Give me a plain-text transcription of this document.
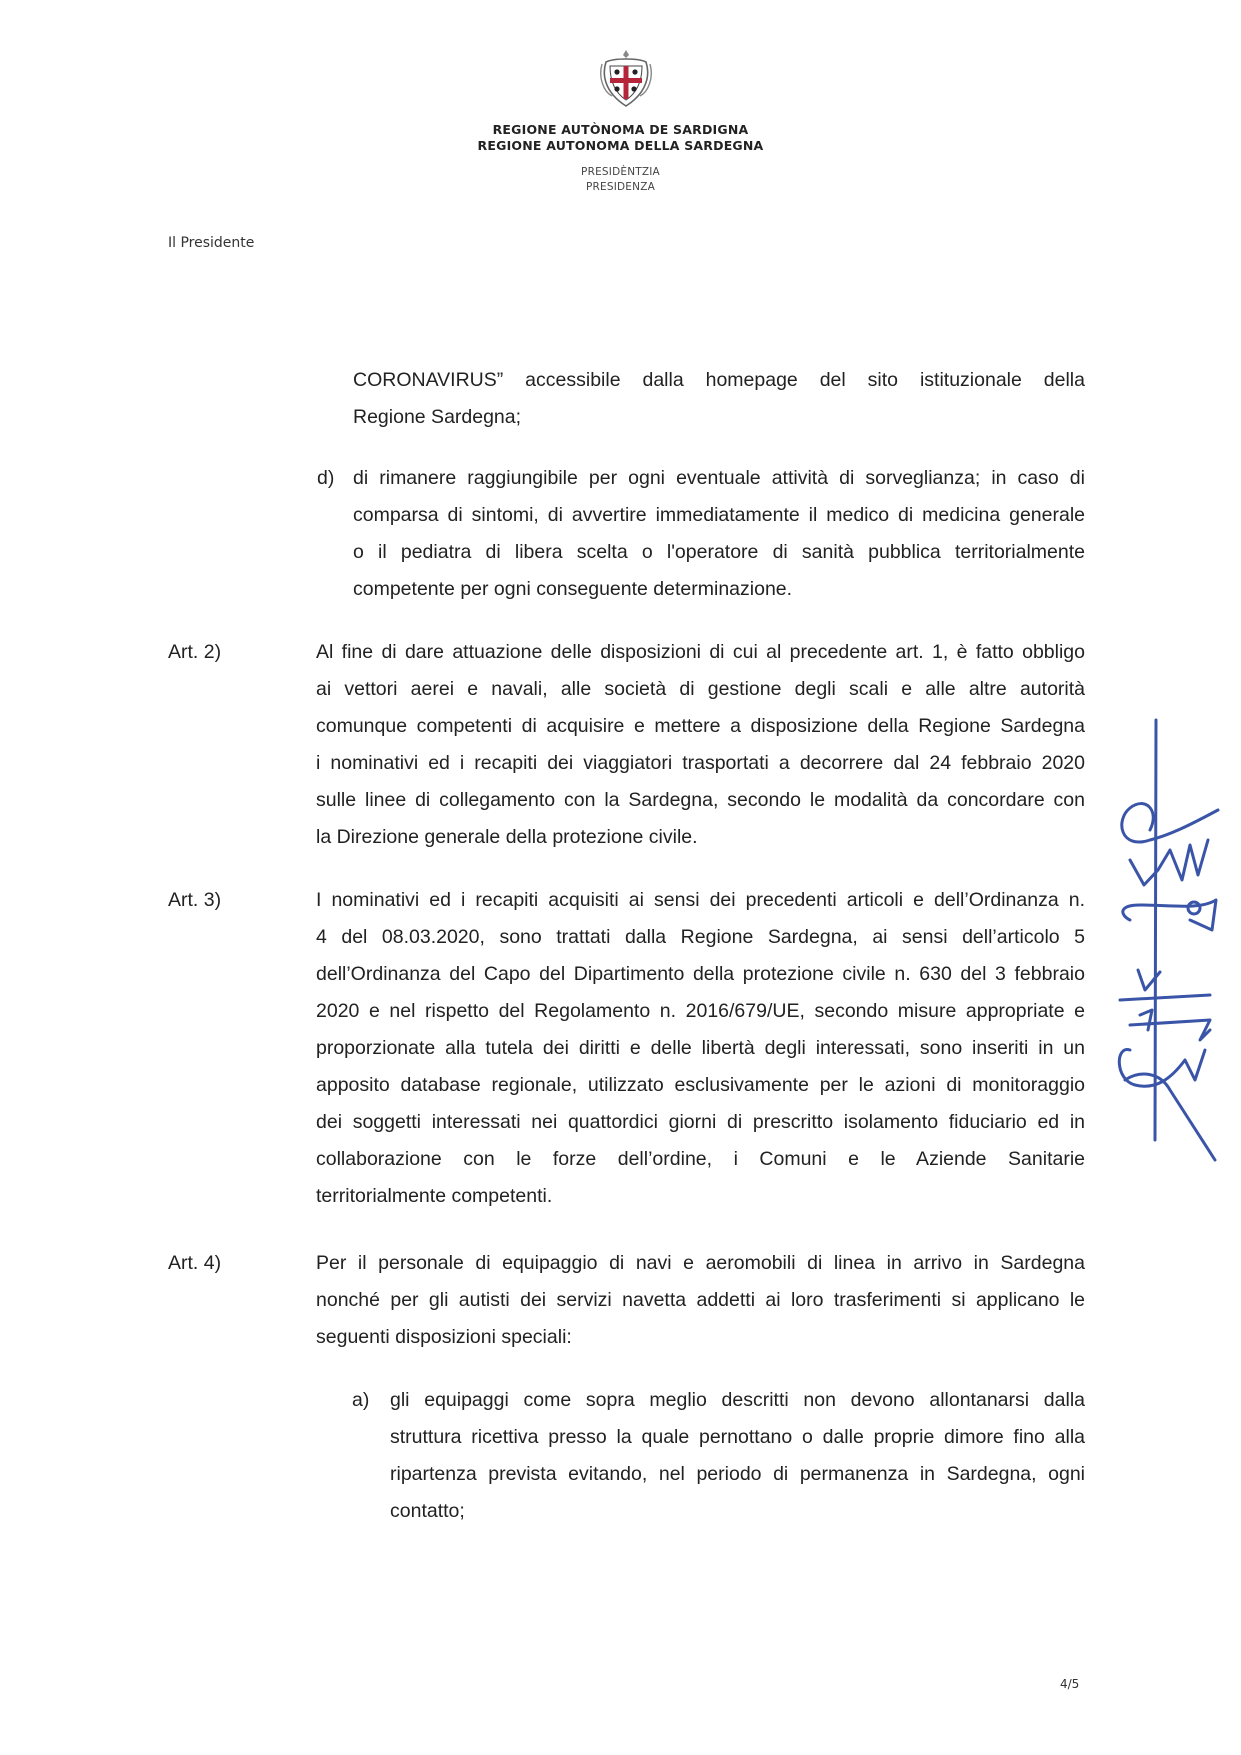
REGIONE AUTÒNOMA DE SARDIGNA
REGIONE AUTONOMA DELLA SARDEGNA
PRESIDÈNTZIA
PRESIDENZA
Il Presidente
CORONAVIRUS” accessibile dalla homepage del sito istituzionale della
Regione Sardegna;
d) di rimanere raggiungibile per ogni eventuale attività di sorveglianza; in caso di
comparsa di sintomi, di avvertire immediatamente il medico di medicina generale
o il pediatra di libera scelta o l'operatore di sanità pubblica territorialmente
competente per ogni conseguente determinazione.
Art. 2)	Al fine di dare attuazione delle disposizioni di cui al precedente art. 1, è fatto obbligo
ai vettori aerei e navali, alle società di gestione degli scali e alle altre autorità
comunque competenti di acquisire e mettere a disposizione della Regione Sardegna
i nominativi ed i recapiti dei viaggiatori trasportati a decorrere dal 24 febbraio 2020
sulle linee di collegamento con la Sardegna, secondo le modalità da concordare con
la Direzione generale della protezione civile.
Art. 3)	I nominativi ed i recapiti acquisiti ai sensi dei precedenti articoli e dell’Ordinanza n.
4 del 08.03.2020, sono trattati dalla Regione Sardegna, ai sensi dell’articolo 5
dell’Ordinanza del Capo del Dipartimento della protezione civile n. 630 del 3 febbraio
2020 e nel rispetto del Regolamento n. 2016/679/UE, secondo misure appropriate e
proporzionate alla tutela dei diritti e delle libertà degli interessati, sono inseriti in un
apposito database regionale, utilizzato esclusivamente per le azioni di monitoraggio
dei soggetti interessati nei quattordici giorni di prescritto isolamento fiduciario ed in
collaborazione con le forze dell’ordine, i Comuni e le Aziende Sanitarie
territorialmente competenti.
Art. 4)	Per il personale di equipaggio di navi e aeromobili di linea in arrivo in Sardegna
nonché per gli autisti dei servizi navetta addetti ai loro trasferimenti si applicano le
seguenti disposizioni speciali:
a) gli equipaggi come sopra meglio descritti non devono allontanarsi dalla
struttura ricettiva presso la quale pernottano o dalle proprie dimore fino alla
ripartenza prevista evitando, nel periodo di permanenza in Sardegna, ogni
contatto;
4/5
